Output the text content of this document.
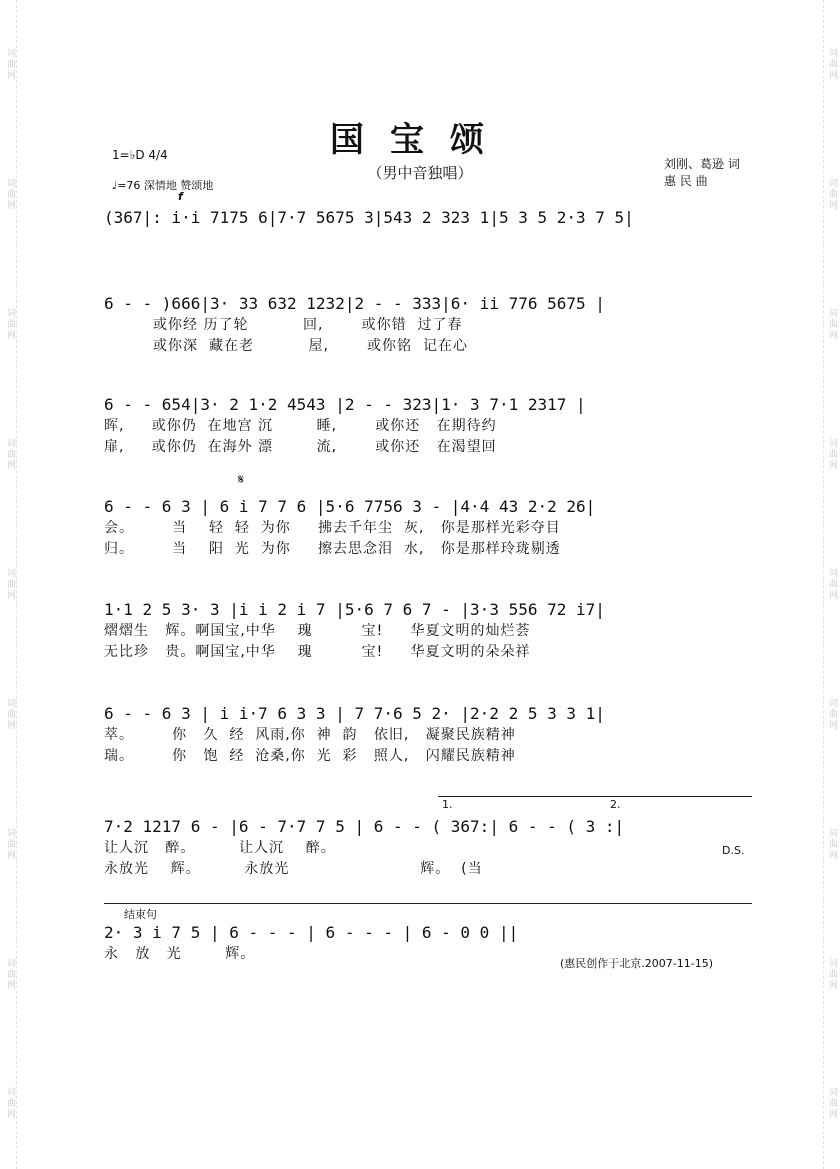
词曲网
词曲网
词曲网
词曲网
词曲网
词曲网
词曲网
词曲网
词曲网
词曲网
词曲网
词曲网
词曲网
词曲网
词曲网
词曲网
词曲网
词曲网
国宝颂
（男中音独唱）	刘刚、葛逊 词
惠 民 曲
1=♭D 4/4
f
♩=76 深情地 赞颂地
(367|: i·i 7175 6|7·7 5675 3|543 2 323 1|5 3 5 2·3 7 5|
6 - - )666|3· 33 632 1232|2 - - 333|6· ii 776 5675 |
或你经 历了轮          回,       或你错  过了春
或你深  藏在老          屋,       或你铭  记在心
6 - - 654|3· 2 1·2 4543 |2 - - 323|1· 3 7·1 2317 |
晖,     或你仍  在地宫 沉        睡,       或你还   在期待约
扉,     或你仍  在海外 漂        流,       或你还   在渴望回
𝄋
6 - - 6 3 | 6 i 7 7 6 |5·6 7756 3 - |4·4 43 2·2 26|
会。       当    轻  轻  为你     拂去千年尘  灰,   你是那样光彩夺目
归。       当    阳  光  为你     擦去思念泪  水,   你是那样玲珑剔透
1·1 2 5 3· 3 |i i 2 i 7 |5·6 7 6 7 - |3·3 556 72 i7|
熠熠生   辉。啊国宝,中华    瑰         宝!     华夏文明的灿烂荟
无比珍   贵。啊国宝,中华    瑰         宝!     华夏文明的朵朵祥
6 - - 6 3 | i i·7 6 3 3 | 7 7·6 5 2· |2·2 2 5 3 3 1|
萃。       你   久  经  风雨,你  神  韵   依旧,   凝聚民族精神
瑞。       你   饱  经  沧桑,你  光  彩   照人,   闪耀民族精神
1.	2.
7·2 1217 6 - |6 - 7·7 7 5 | 6 - - ( 367:| 6 - - ( 3 :|
让人沉   醉。        让人沉    醉。
永放光    辉。        永放光                        辉。  (当
D.S.
结束句
2· 3 i 7 5 | 6 - - - | 6 - - - | 6 - 0 0 ||
永   放   光        辉。
(惠民创作于北京.2007-11-15)
